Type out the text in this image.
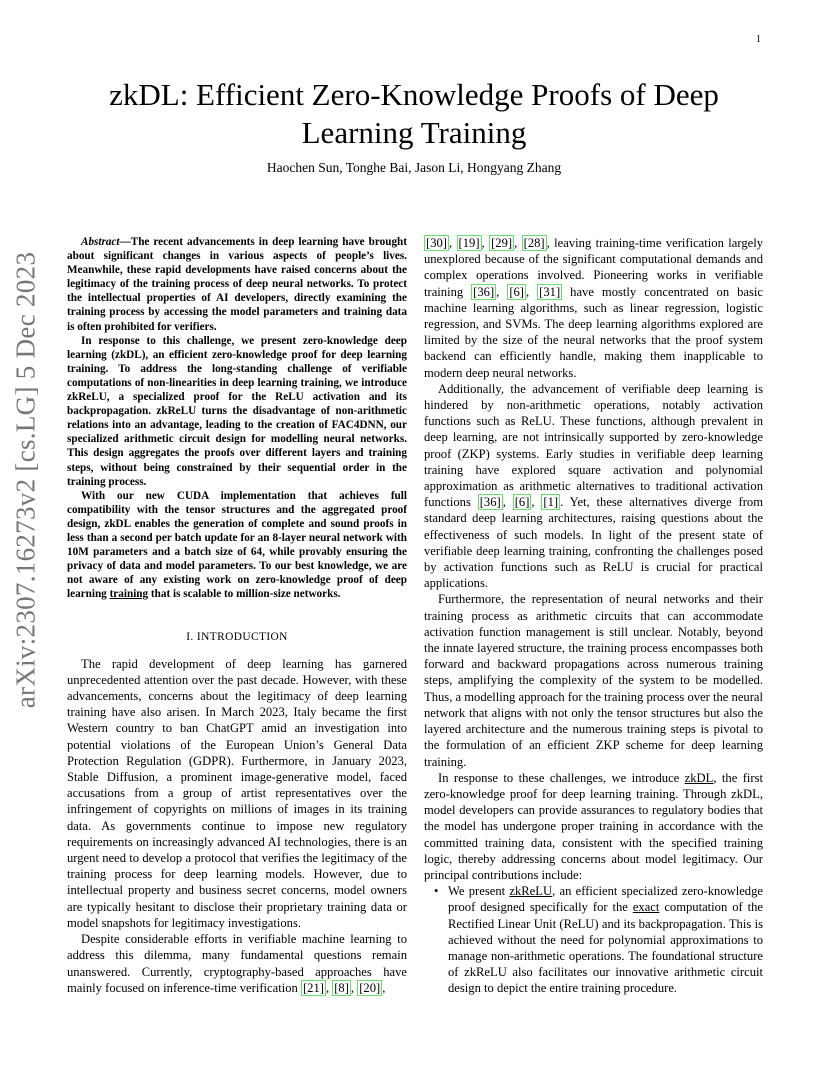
1
arXiv:2307.16273v2 [cs.LG] 5 Dec 2023
zkDL: Efficient Zero-Knowledge Proofs of Deep Learning Training
Haochen Sun, Tonghe Bai, Jason Li, Hongyang Zhang

Abstract—The recent advancements in deep learning have brought about significant changes in various aspects of people’s lives. Meanwhile, these rapid developments have raised concerns about the legitimacy of the training process of deep neural networks. To protect the intellectual properties of AI developers, directly examining the training process by accessing the model parameters and training data is often prohibited for verifiers.

In response to this challenge, we present zero-knowledge deep learning (zkDL), an efficient zero-knowledge proof for deep learning training. To address the long-standing challenge of verifiable computations of non-linearities in deep learning training, we introduce zkReLU, a specialized proof for the ReLU activation and its backpropagation. zkReLU turns the disadvantage of non-arithmetic relations into an advantage, leading to the creation of FAC4DNN, our specialized arithmetic circuit design for modelling neural networks. This design aggregates the proofs over different layers and training steps, without being constrained by their sequential order in the training process.

With our new CUDA implementation that achieves full compatibility with the tensor structures and the aggregated proof design, zkDL enables the generation of complete and sound proofs in less than a second per batch update for an 8-layer neural network with 10M parameters and a batch size of 64, while provably ensuring the privacy of data and model parameters. To our best knowledge, we are not aware of any existing work on zero-knowledge proof of deep learning training that is scalable to million-size networks.

I. INTRODUCTION

The rapid development of deep learning has garnered unprecedented attention over the past decade. However, with these advancements, concerns about the legitimacy of deep learning training have also arisen. In March 2023, Italy became the first Western country to ban ChatGPT amid an investigation into potential violations of the European Union’s General Data Protection Regulation (GDPR). Furthermore, in January 2023, Stable Diffusion, a prominent image-generative model, faced accusations from a group of artist representatives over the infringement of copyrights on millions of images in its training data. As governments continue to impose new regulatory requirements on increasingly advanced AI technologies, there is an urgent need to develop a protocol that verifies the legitimacy of the training process for deep learning models. However, due to intellectual property and business secret concerns, model owners are typically hesitant to disclose their proprietary training data or model snapshots for legitimacy investigations.

Despite considerable efforts in verifiable machine learning to address this dilemma, many fundamental questions remain unanswered. Currently, cryptography-based approaches have mainly focused on inference-time verification [21] , [8] , [20] ,

[30] , [19] , [29] , [28] , leaving training-time verification largely unexplored because of the significant computational demands and complex operations involved. Pioneering works in verifiable training [36] , [6] , [31] have mostly concentrated on basic machine learning algorithms, such as linear regression, logistic regression, and SVMs. The deep learning algorithms explored are limited by the size of the neural networks that the proof system backend can efficiently handle, making them inapplicable to modern deep neural networks.

Additionally, the advancement of verifiable deep learning is hindered by non-arithmetic operations, notably activation functions such as ReLU. These functions, although prevalent in deep learning, are not intrinsically supported by zero-knowledge proof (ZKP) systems. Early studies in verifiable deep learning training have explored square activation and polynomial approximation as arithmetic alternatives to traditional activation functions [36] , [6] , [1] . Yet, these alternatives diverge from standard deep learning architectures, raising questions about the effectiveness of such models. In light of the present state of verifiable deep learning training, confronting the challenges posed by activation functions such as ReLU is crucial for practical applications.

Furthermore, the representation of neural networks and their training process as arithmetic circuits that can accommodate activation function management is still unclear. Notably, beyond the innate layered structure, the training process encompasses both forward and backward propagations across numerous training steps, amplifying the complexity of the system to be modelled. Thus, a modelling approach for the training process over the neural network that aligns with not only the tensor structures but also the layered architecture and the numerous training steps is pivotal to the formulation of an efficient ZKP scheme for deep learning training.

In response to these challenges, we introduce zkDL, the first zero-knowledge proof for deep learning training. Through zkDL, model developers can provide assurances to regulatory bodies that the model has undergone proper training in accordance with the committed training data, consistent with the specified training logic, thereby addressing concerns about model legitimacy. Our principal contributions include:

• We present zkReLU, an efficient specialized zero-knowledge proof designed specifically for the exact computation of the Rectified Linear Unit (ReLU) and its backpropagation. This is achieved without the need for polynomial approximations to manage non-arithmetic operations. The foundational structure of zkReLU also facilitates our innovative arithmetic circuit design to depict the entire training procedure.
